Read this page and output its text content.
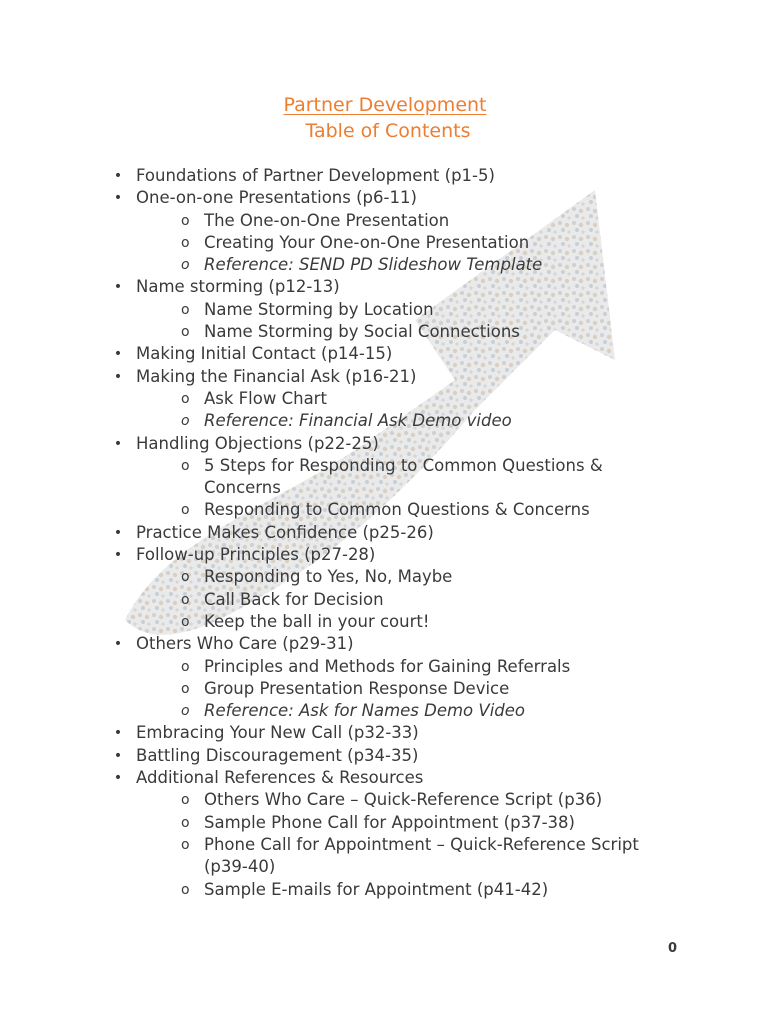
Partner Development
Table of Contents
• Foundations of Partner Development (p1-5)
• One-on-one Presentations (p6-11)
o The One-on-One Presentation
o Creating Your One-on-One Presentation
o Reference: SEND PD Slideshow Template
• Name storming (p12-13)
o Name Storming by Location
o Name Storming by Social Connections
• Making Initial Contact (p14-15)
• Making the Financial Ask (p16-21)
o Ask Flow Chart
o Reference: Financial Ask Demo video
• Handling Objections (p22-25)
o 5 Steps for Responding to Common Questions & Concerns
o Responding to Common Questions & Concerns
• Practice Makes Confidence (p25-26)
• Follow-up Principles (p27-28)
o Responding to Yes, No, Maybe
o Call Back for Decision
o Keep the ball in your court!
• Others Who Care (p29-31)
o Principles and Methods for Gaining Referrals
o Group Presentation Response Device
o Reference: Ask for Names Demo Video
• Embracing Your New Call (p32-33)
• Battling Discouragement (p34-35)
• Additional References & Resources
o Others Who Care – Quick-Reference Script (p36)
o Sample Phone Call for Appointment (p37-38)
o Phone Call for Appointment – Quick-Reference Script (p39-40)
o Sample E-mails for Appointment (p41-42)
0
